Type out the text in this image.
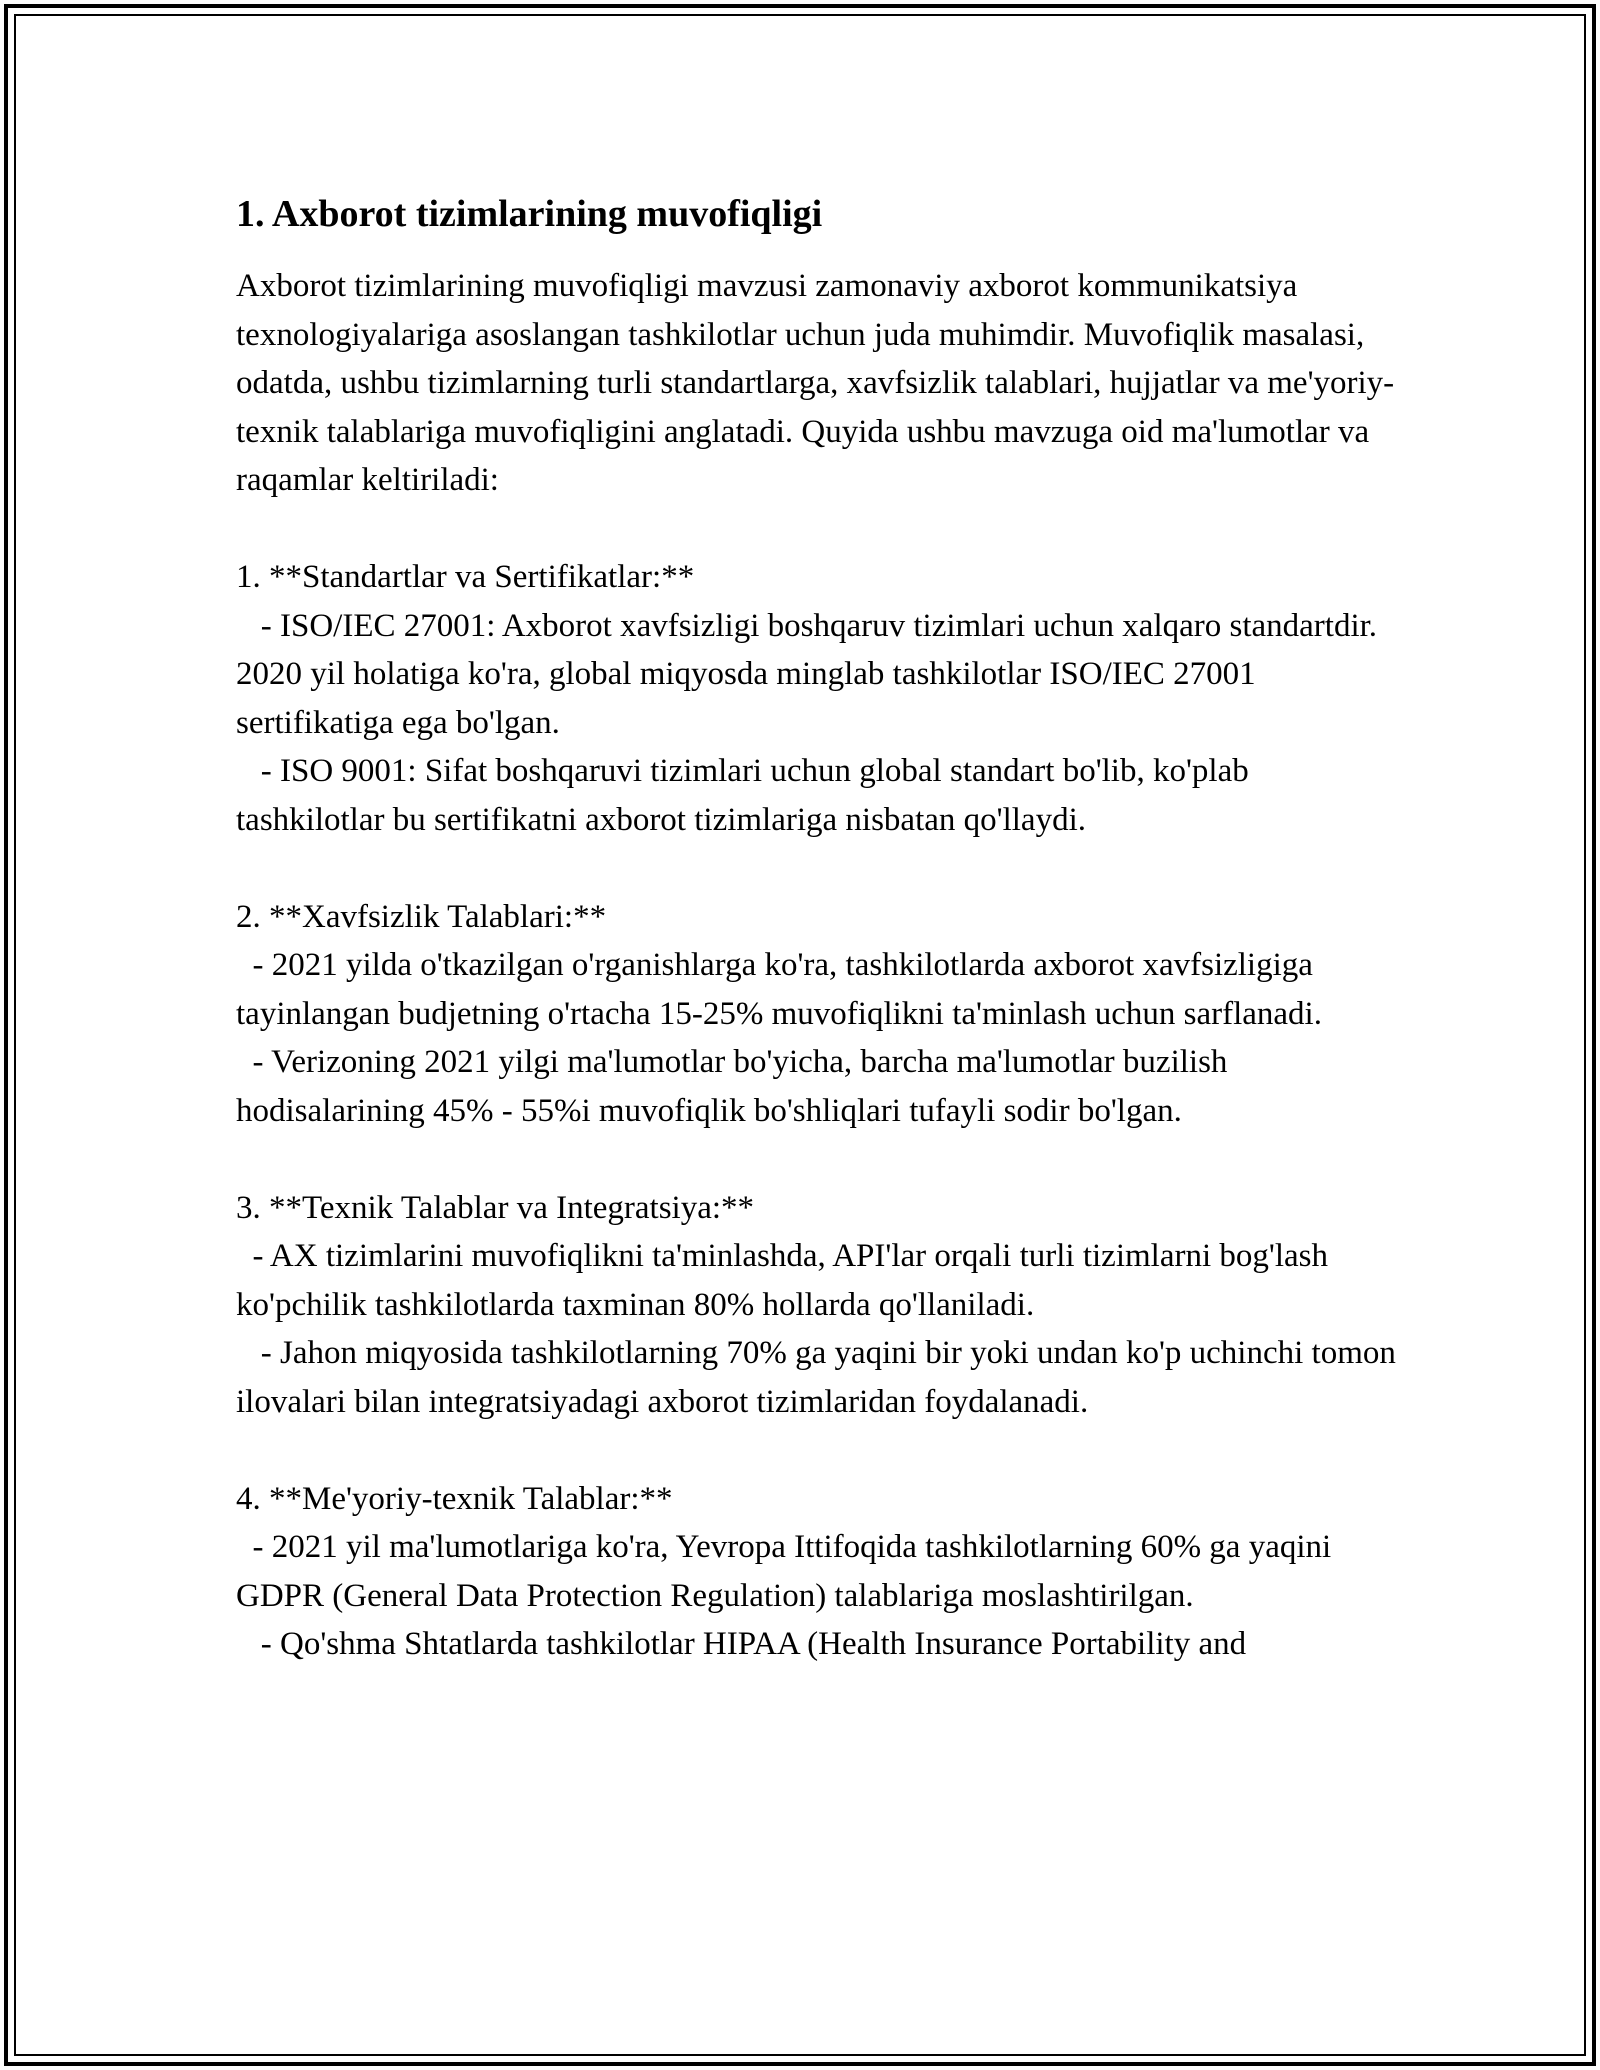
1. Axborot tizimlarining muvofiqligi

Axborot tizimlarining muvofiqligi mavzusi zamonaviy axborot kommunikatsiya texnologiyalariga asoslangan tashkilotlar uchun juda muhimdir. Muvofiqlik masalasi, odatda, ushbu tizimlarning turli standartlarga, xavfsizlik talablari, hujjatlar va me'yoriy-texnik talablariga muvofiqligini anglatadi. Quyida ushbu mavzuga oid ma'lumotlar va raqamlar keltiriladi:

1. **Standartlar va Sertifikatlar:**

- ISO/IEC 27001: Axborot xavfsizligi boshqaruv tizimlari uchun xalqaro standartdir. 2020 yil holatiga ko'ra, global miqyosda minglab tashkilotlar ISO/IEC 27001 sertifikatiga ega bo'lgan.

- ISO 9001: Sifat boshqaruvi tizimlari uchun global standart bo'lib, ko'plab tashkilotlar bu sertifikatni axborot tizimlariga nisbatan qo'llaydi.

2. **Xavfsizlik Talablari:**

- 2021 yilda o'tkazilgan o'rganishlarga ko'ra, tashkilotlarda axborot xavfsizligiga tayinlangan budjetning o'rtacha 15-25% muvofiqlikni ta'minlash uchun sarflanadi.

- Verizoning 2021 yilgi ma'lumotlar bo'yicha, barcha ma'lumotlar buzilish hodisalarining 45% - 55%i muvofiqlik bo'shliqlari tufayli sodir bo'lgan.

3. **Texnik Talablar va Integratsiya:**

- AX tizimlarini muvofiqlikni ta'minlashda, API'lar orqali turli tizimlarni bog'lash ko'pchilik tashkilotlarda taxminan 80% hollarda qo'llaniladi.

- Jahon miqyosida tashkilotlarning 70% ga yaqini bir yoki undan ko'p uchinchi tomon ilovalari bilan integratsiyadagi axborot tizimlaridan foydalanadi.

4. **Me'yoriy-texnik Talablar:**

- 2021 yil ma'lumotlariga ko'ra, Yevropa Ittifoqida tashkilotlarning 60% ga yaqini GDPR (General Data Protection Regulation) talablariga moslashtirilgan.

- Qo'shma Shtatlarda tashkilotlar HIPAA (Health Insurance Portability and
